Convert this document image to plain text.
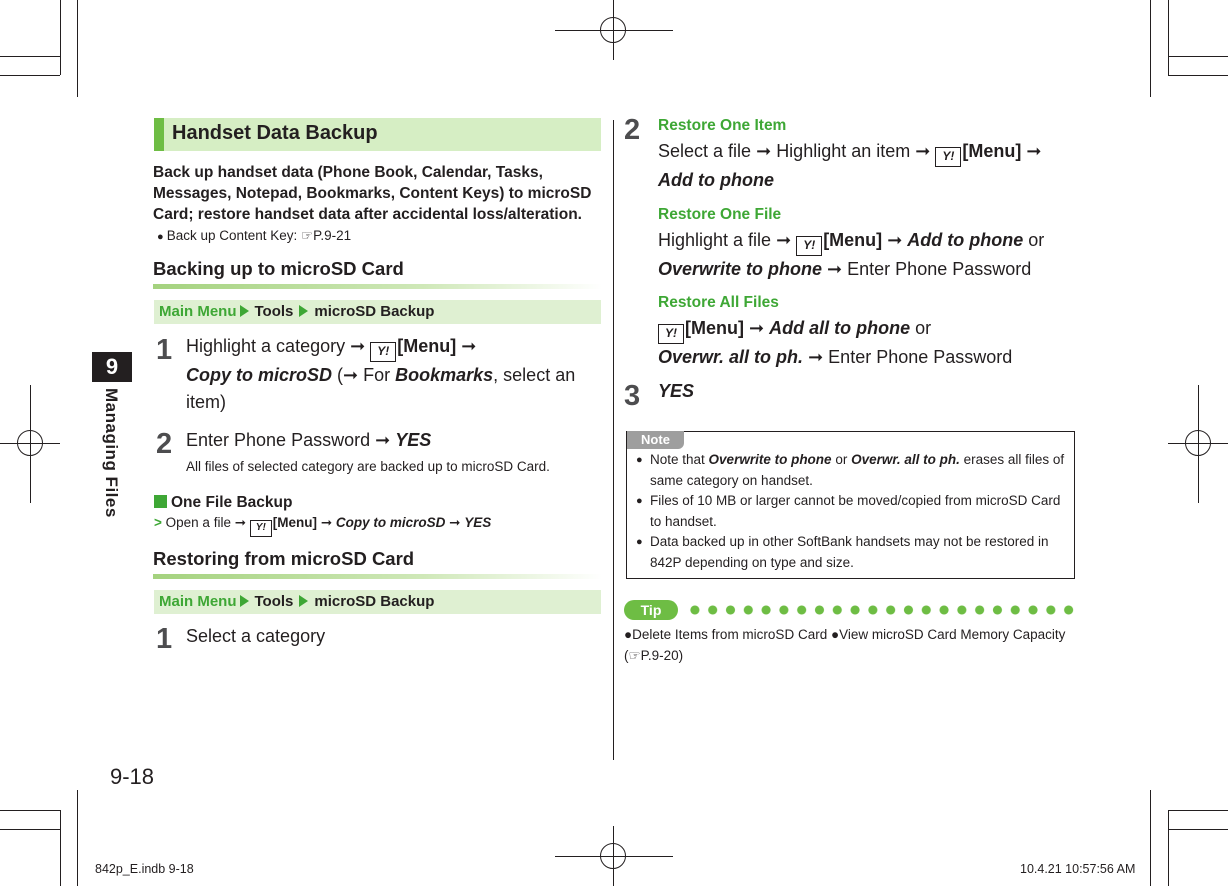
9
Managing Files
Handset Data Backup
Back up handset data (Phone Book, Calendar, Tasks, Messages, Notepad, Bookmarks, Content Keys) to microSD Card; restore handset data after accidental loss/alteration.
● Back up Content Key: ☞P.9-21
Backing up to microSD Card
Main Menu Tools microSD Backup
1 Highlight a category ➞ Y! [Menu] ➞
Copy to microSD (➞ For Bookmarks, select an item)
2 Enter Phone Password ➞ YES
All files of selected category are backed up to microSD Card.
One File Backup
> Open a file ➞ Y! [Menu] ➞ Copy to microSD ➞ YES
Restoring from microSD Card
Main Menu Tools microSD Backup
1 Select a category
2 Restore One Item
Select a file ➞ Highlight an item ➞ Y! [Menu] ➞
Add to phone
Restore One File
Highlight a file ➞ Y! [Menu] ➞ Add to phone or
Overwrite to phone ➞ Enter Phone Password
Restore All Files
Y! [Menu] ➞ Add all to phone or
Overwr. all to ph. ➞ Enter Phone Password
3 YES
Note
● Note that Overwrite to phone or Overwr. all to ph. erases all files of same category on handset.
● Files of 10 MB or larger cannot be moved/copied from microSD Card to handset.
● Data backed up in other SoftBank handsets may not be restored in 842P depending on type and size.
Tip
●Delete Items from microSD Card ●View microSD Card Memory Capacity
(☞P.9-20)
9-18
842p_E.indb 9-18	10.4.21 10:57:56 AM
